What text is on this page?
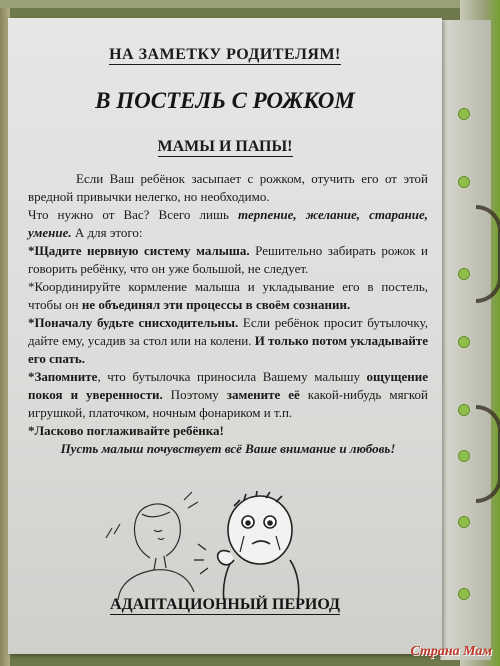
НА ЗАМЕТКУ РОДИТЕЛЯМ!
В ПОСТЕЛЬ С РОЖКОМ
МАМЫ И ПАПЫ!

Если Ваш ребёнок засыпает с рожком, отучить его от этой вредной привычки нелегко, но необходимо.

Что нужно от Вас? Всего лишь терпение, желание, старание, умение. А для этого:

*Щадите нервную систему малыша. Решительно забирать рожок и говорить ребёнку, что он уже большой, не следует.

*Координируйте кормление малыша и укладывание его в постель, чтобы он не объединял эти процессы в своём сознании.

*Поначалу будьте снисходительны. Если ребёнок просит бутылочку, дайте ему, усадив за стол или на колени. И только потом укладывайте его спать.

*Запомните, что бутылочка приносила Вашему малышу ощущение покоя и уверенности. Поэтому замените её какой-нибудь мягкой игрушкой, платочком, ночным фонариком и т.п.

*Ласково поглаживайте ребёнка!

Пусть малыш почувствует всё Ваше внимание и любовь!

АДАПТАЦИОННЫЙ ПЕРИОД
Страна Мам
